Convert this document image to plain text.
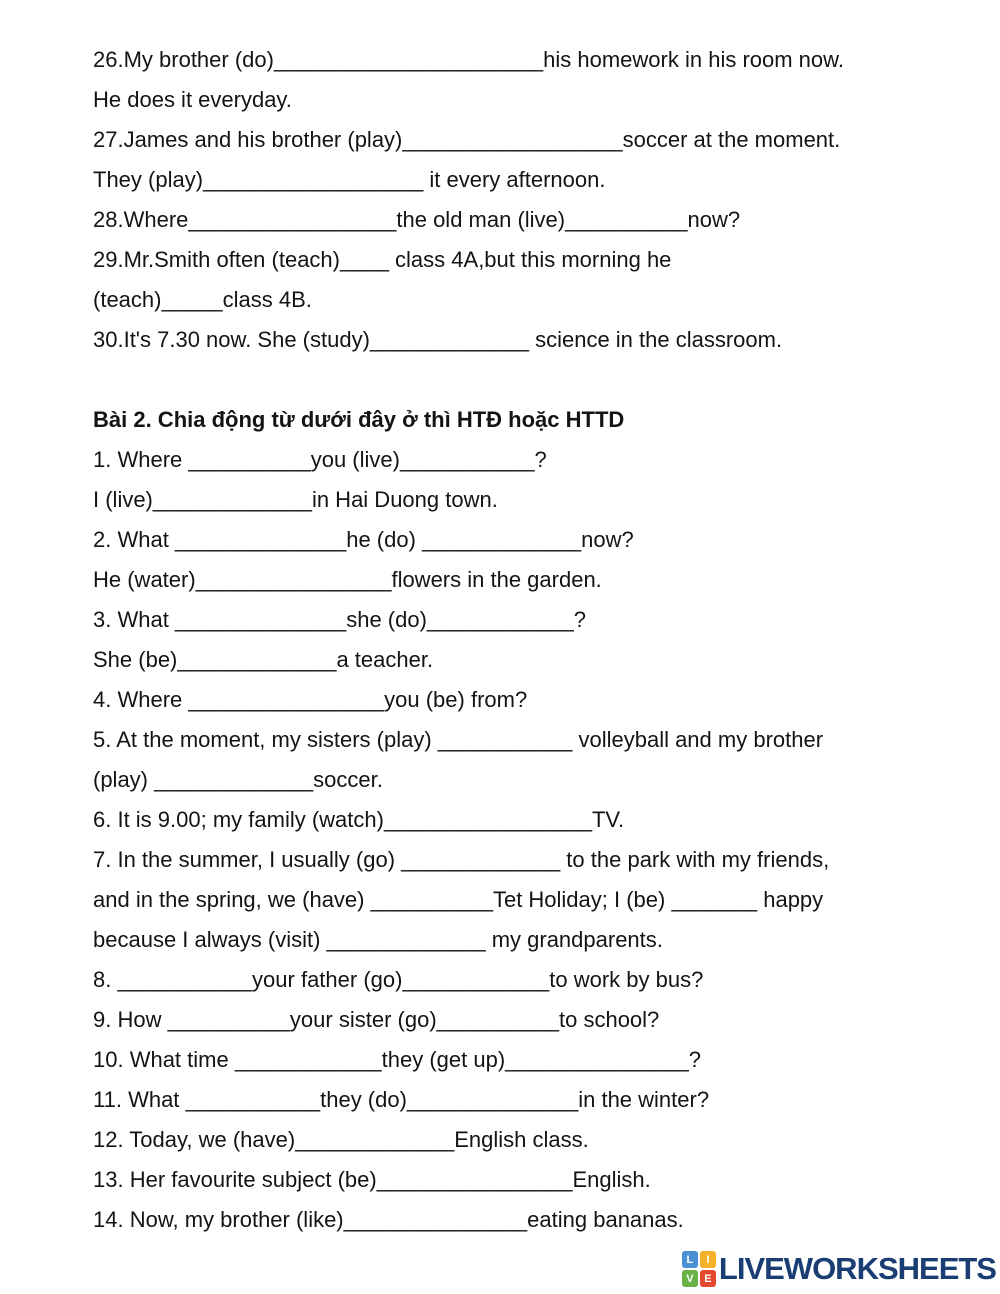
26.My brother (do)______________________his homework in his room now.
He does it everyday.
27.James and his brother (play)__________________soccer at the moment.
They (play)__________________ it every afternoon.
28.Where_________________the old man (live)__________now?
29.Mr.Smith often (teach)____ class 4A,but this morning he
(teach)_____class 4B.
30.It's 7.30 now. She (study)_____________ science in the classroom.
Bài 2. Chia động từ dưới đây ở thì HTĐ hoặc HTTD
1. Where __________you (live)___________?
I (live)_____________in Hai Duong town.
2. What ______________he (do) _____________now?
He (water)________________flowers in the garden.
3. What ______________she (do)____________?
She (be)_____________a teacher.
4. Where ________________you (be) from?
5. At the moment, my sisters (play) ___________ volleyball and my brother
(play) _____________soccer.
6. It is 9.00; my family (watch)_________________TV.
7. In the summer, I usually (go) _____________ to the park with my friends,
and in the spring, we (have) __________Tet Holiday; I (be) _______ happy
because I always (visit) _____________ my grandparents.
8. ___________your father (go)____________to work by bus?
9. How __________your sister (go)__________to school?
10. What time ____________they (get up)_______________?
11. What ___________they (do)______________in the winter?
12. Today, we (have)_____________English class.
13. Her favourite subject (be)________________English.
14. Now, my brother (like)_______________eating bananas.
L	I
V E LIVEWORKSHEETS
